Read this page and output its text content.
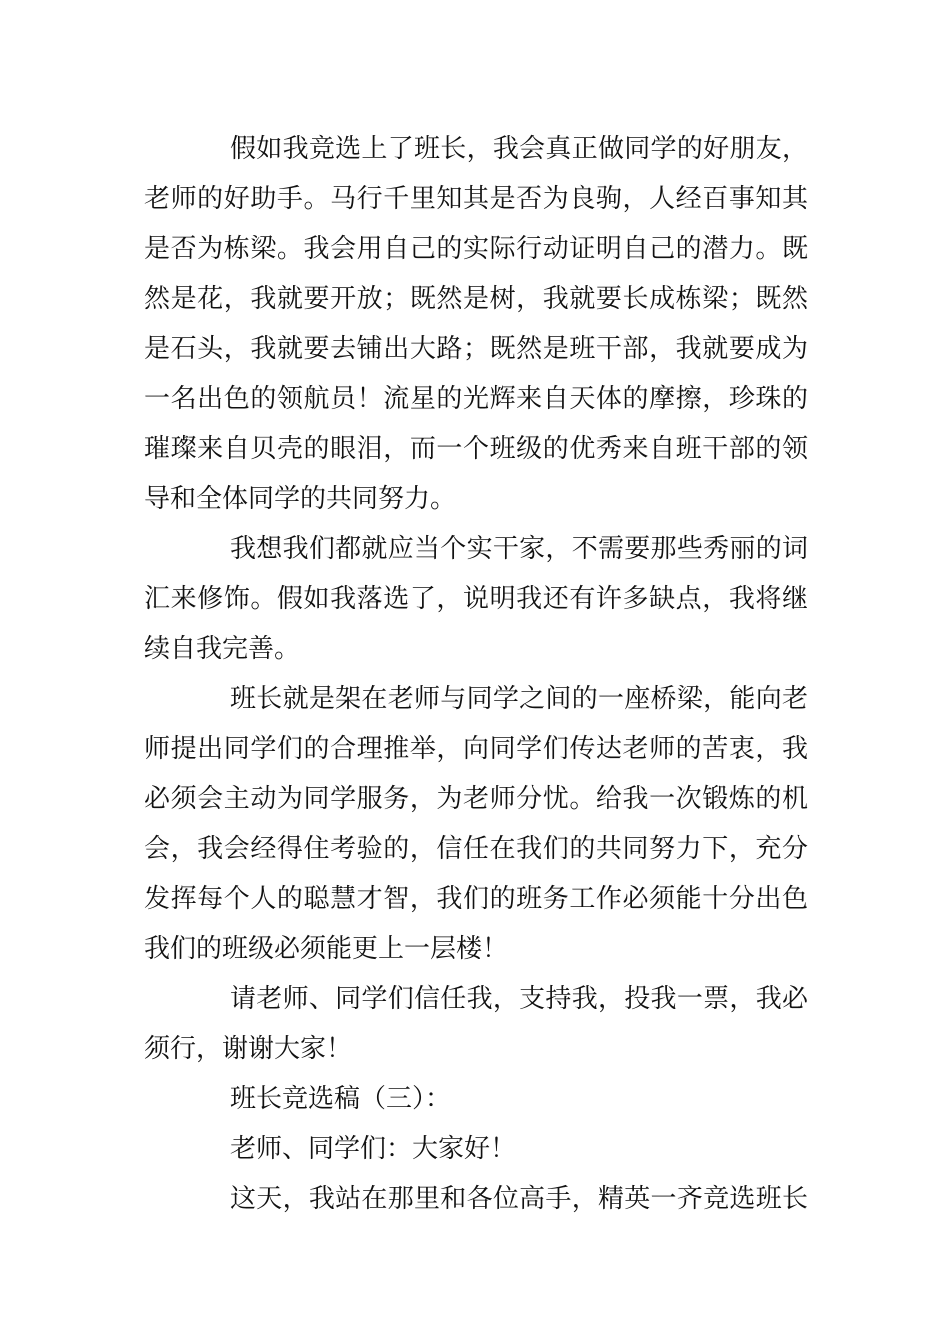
假如我竞选上了班长，我会真正做同学的好朋友，
老师的好助手。马行千里知其是否为良驹，人经百事知其
是否为栋梁。我会用自己的实际行动证明自己的潜力。既
然是花，我就要开放；既然是树，我就要长成栋梁；既然
是石头，我就要去铺出大路；既然是班干部，我就要成为
一名出色的领航员！流星的光辉来自天体的摩擦，珍珠的
璀璨来自贝壳的眼泪，而一个班级的优秀来自班干部的领
导和全体同学的共同努力。
我想我们都就应当个实干家，不需要那些秀丽的词
汇来修饰。假如我落选了，说明我还有许多缺点，我将继
续自我完善。
班长就是架在老师与同学之间的一座桥梁，能向老
师提出同学们的合理推举，向同学们传达老师的苦衷，我
必须会主动为同学服务，为老师分忧。给我一次锻炼的机
会，我会经得住考验的，信任在我们的共同努力下，充分
发挥每个人的聪慧才智，我们的班务工作必须能十分出色
我们的班级必须能更上一层楼！
请老师、同学们信任我，支持我，投我一票，我必
须行，谢谢大家！
班长竞选稿（三）：
老师、同学们：大家好！
这天，我站在那里和各位高手，精英一齐竞选班长
